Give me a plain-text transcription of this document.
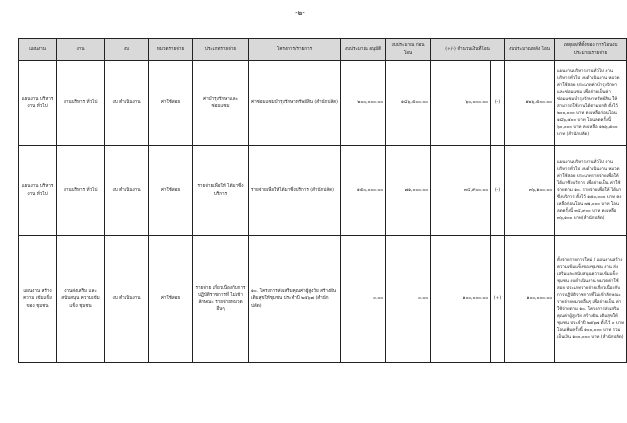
-๒-
แผนงาน	งาน	งบ	หมวดรายจ่าย	ประเภทรายจ่าย	โครงการ/รายการ	งบประมาณ อนุมัติ	งบประมาณ ก่อนโอน	(+/-) จำนวนเงินที่โอน		งบประมาณหลัง โอน	เหตุผล/ที่ตั้งของ การโอนงบประมาณรายจ่าย
แผนงาน บริหารงาน ทั่วไป	งานบริหาร ทั่วไป	งบ ดำเนินงาน	ค่าใช้สอย	ค่าบำรุงรักษาและ ซ่อมแซม	ค่าซ่อมแซมบำรุงรักษาทรัพย์สิน (สำนักปลัด)	๒๐๐,๐๐๐.๐๐	๑๘๖,๕๐๐.๐๐	๖๐,๐๐๐.๐๐	(-)	๑๒๖,๕๐๐.๐๐	แผนงานบริหารงานทั่วไป งาน บริหารทั่วไป งบดำเนินงาน หมวด ค่าใช้สอย ประเภทค่าบำรุงรักษา และซ่อมแซม เพื่อจ่ายเป็นค่า ซ่อมแซมบำรุงรักษาทรัพย์สิน ให้ สามารถใช้งานได้ตามปกติ ตั้งไว้ ๒๐๐,๐๐๐ บาท คงเหลือก่อนโอน ๑๘๖,๕๐๐ บาท โอนลดครั้งนี้ ๖๐,๐๐๐ บาท คงเหลือ ๑๒๖,๕๐๐ บาท (สำนักปลัด)
แผนงาน บริหารงาน ทั่วไป	งานบริหาร ทั่วไป	งบ ดำเนินงาน	ค่าใช้สอย	รายจ่ายเพื่อให้ ได้มาซึ่งบริการ	รายจ่ายเพื่อให้ได้มาซึ่งบริการ (สำนักปลัด)	๑๕๐,๐๐๐.๐๐	๗๑,๐๐๐.๐๐	๓๔,๙๐๐.๐๐	(-)	๓๖,๑๐๐.๐๐	แผนงานบริหารงานทั่วไป งาน บริหารทั่วไป งบดำเนินงาน หมวด ค่าใช้สอย ประเภทรายจ่ายเพื่อให้ ได้มาซึ่งบริการ เพื่อจ่ายเป็น ค่าใช้จ่ายตาม ๑๐. รายจ่ายเพื่อให้ ได้มาซึ่งบริการ ตั้งไว้ ๑๕๐,๐๐๐ บาท คงเหลือก่อนโอน ๗๑,๐๐๐ บาท โอนลดครั้งนี้ ๓๔,๙๐๐ บาท คงเหลือ ๓๖,๑๐๐ บาท(สำนักปลัด)
แผนงาน สร้างความ เข้มแข็งของ ชุมชน	งานส่งเสริม และสนับสนุน ความเข้มแข็ง ชุมชน	งบ ดำเนินงาน	ค่าใช้สอย	รายจ่าย เกี่ยวเนื่องกับการ ปฏิบัติราชการที่ ไม่เข้าลักษณะ รายจ่ายหมวด อื่นๆ	๑๐. โครงการส่งเสริมคุณค่าผู้สูงวัย สร้างฝัน เติมสุขให้ชุมชน ประจำปี ๒๕๖๗ (สำนักปลัด)	๐.๐๐	๐.๐๐	๑๐๐,๐๐๐.๐๐	(+)	๑๐๐,๐๐๐.๐๐	ตั้งจ่ายรายการใหม่ / แผนงานสร้าง ความเข้มแข็งของชุมชน งาน ส่งเสริมและสนับสนุนความเข้มแข็ง ชุมชน งบดำเนินงาน หมวดค่าใช้ สอย ประเภทรายจ่ายเกี่ยวเนื่องกับ การปฏิบัติราชการที่ไม่เข้าลักษณะ รายจ่ายหมวดอื่นๆ เพื่อจ่ายเป็น ค่าใช้จ่ายตาม ๑๐. โครงการส่งเสริม คุณค่าผู้สูงวัย สร้างฝัน เติมสุขให้ ชุมชน ประจำปี ๒๕๖๗ ตั้งไว้ ๐ บาท โอนเพิ่มครั้งนี้ ๑๐๐,๐๐๐ บาท รวมเป็นเงิน ๑๐๐,๐๐๐ บาท (สำนักปลัด)
